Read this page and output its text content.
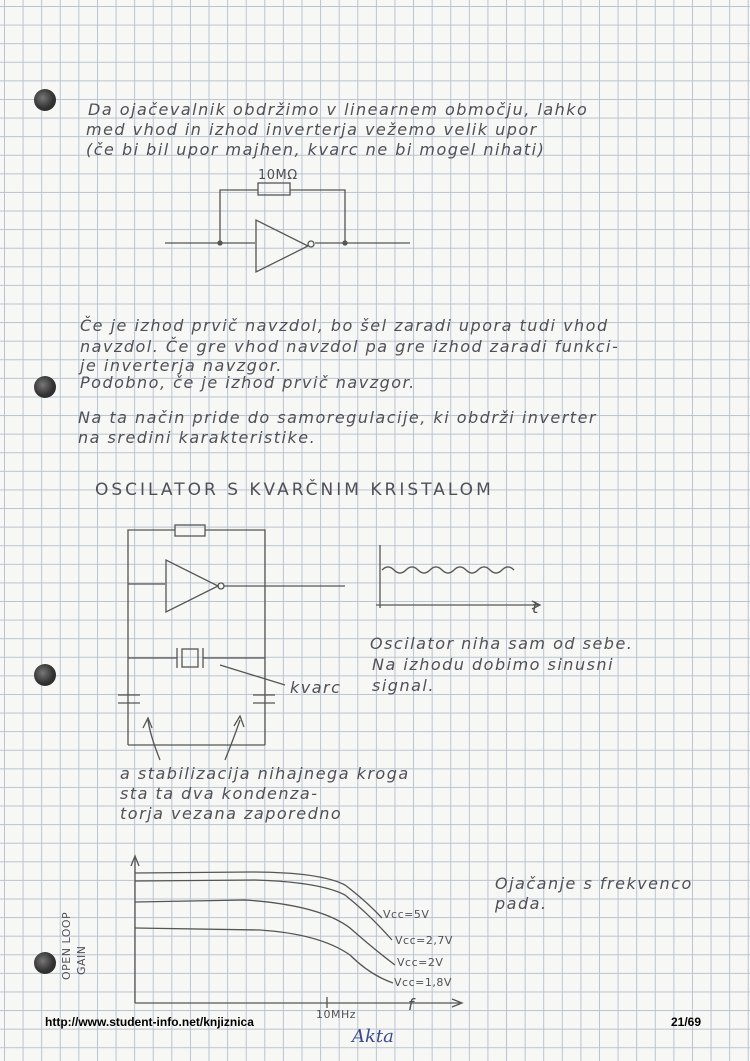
Da ojačevalnik obdržimo v linearnem območju, lahko
med vhod in izhod inverterja vežemo velik upor
(če bi bil upor majhen, kvarc ne bi mogel nihati)
10MΩ
Če je izhod prvič navzdol, bo šel zaradi upora tudi vhod
navzdol. Če gre vhod navzdol pa gre izhod zaradi funkci-
je inverterja navzgor.
Podobno, če je izhod prvič navzgor.
Na ta način pride do samoregulacije, ki obdrži inverter
na sredini karakteristike.
OSCILATOR S KVARČNIM KRISTALOM
t
Oscilator niha sam od sebe.
Na izhodu dobimo sinusni
signal.
kvarc
a stabilizacija nihajnega kroga
sta ta dva kondenza-
torja vezana zaporedno
Ojačanje s frekvenco
pada.
OPEN LOOP GAIN
Vcc=5V
Vcc=2,7V
Vcc=2V
Vcc=1,8V
f
10MHz
http://www.student-info.net/knjiznica	21/69
Akta
